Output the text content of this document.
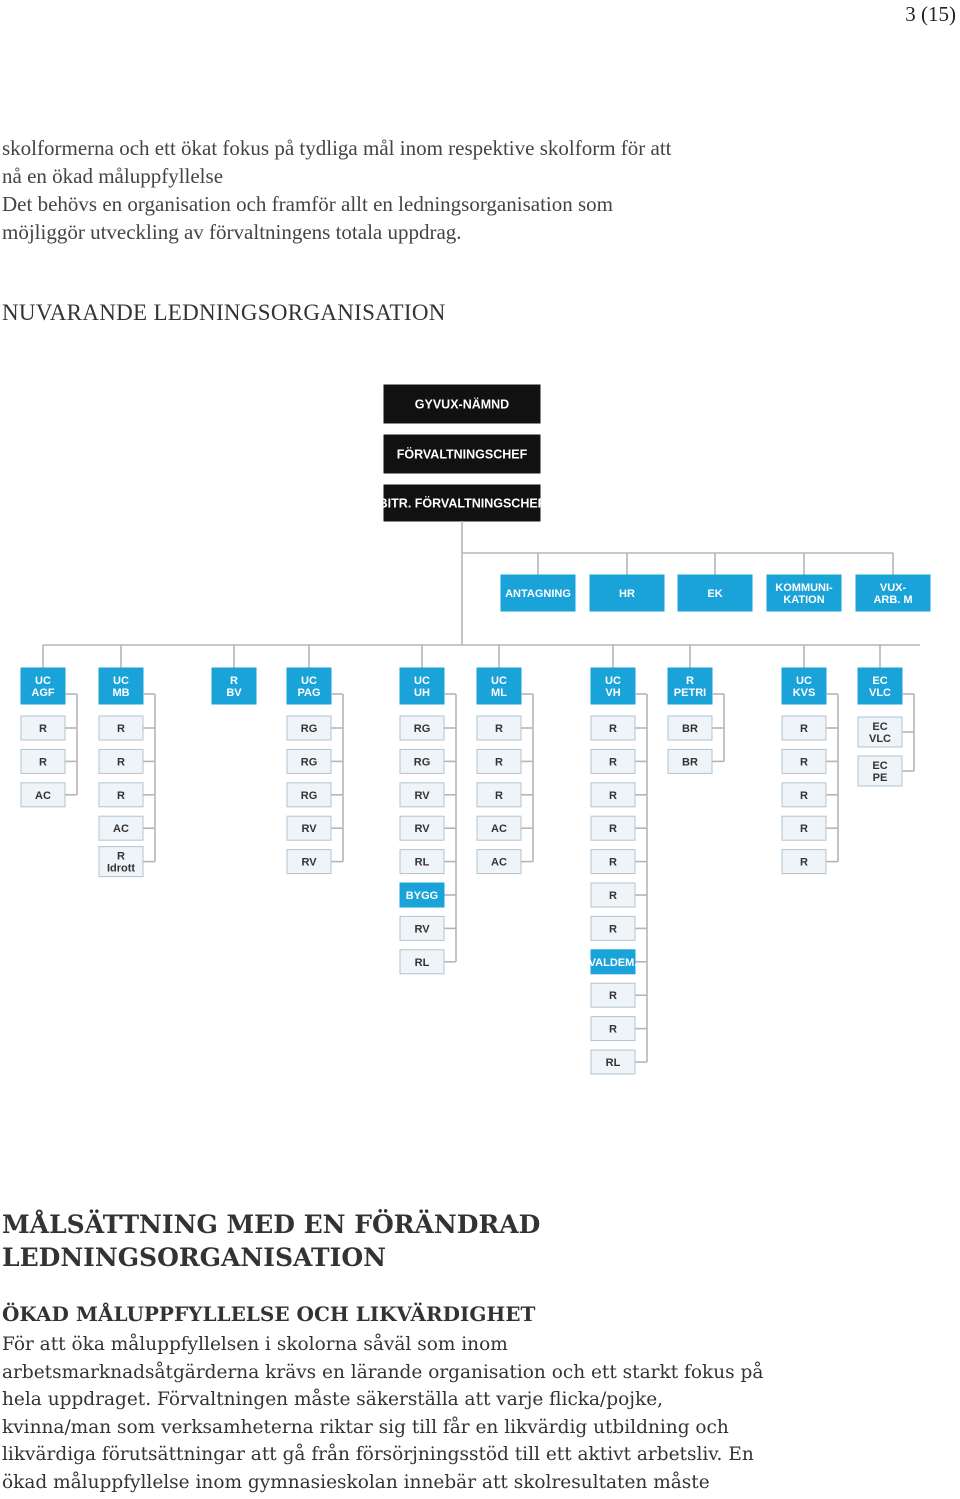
3 (15)
skolformerna och ett ökat fokus på tydliga mål inom respektive skolform för att
nå en ökad måluppfyllelse
Det behövs en organisation och framför allt en ledningsorganisation som
möjliggör utveckling av förvaltningens totala uppdrag.
NUVARANDE LEDNINGSORGANISATION
GYVUX-NÄMND
FÖRVALTNINGSCHEF
BITR. FÖRVALTNINGSCHEF
ANTAGNING	HR	EK	KOMMUNI-
KATION
VUX-
ARB. M
UC
AGF
R
R
AC
UC
MB
R
R
R
AC
R
Idrott
R
BV
UC
PAG
RG
RG
RG
RV
RV
UC
UH
RG
RG
RV
RV
RL
BYGG
RV
RL
UC
ML
R
R
R
AC
AC
UC
VH
R
R
R
R
R
R
R
VALDEM.
R
R
RL
R
PETRI
BR
BR
UC
KVS
R
R
R
R
R
EC
VLC
EC
VLC
EC
PE
MÅLSÄTTNING MED EN FÖRÄNDRAD
LEDNINGSORGANISATION
ÖKAD MÅLUPPFYLLELSE OCH LIKVÄRDIGHET
För att öka måluppfyllelsen i skolorna såväl som inom
arbetsmarknadsåtgärderna krävs en lärande organisation och ett starkt fokus på
hela uppdraget. Förvaltningen måste säkerställa att varje flicka/pojke,
kvinna/man som verksamheterna riktar sig till får en likvärdig utbildning och
likvärdiga förutsättningar att gå från försörjningsstöd till ett aktivt arbetsliv. En
ökad måluppfyllelse inom gymnasieskolan innebär att skolresultaten måste
